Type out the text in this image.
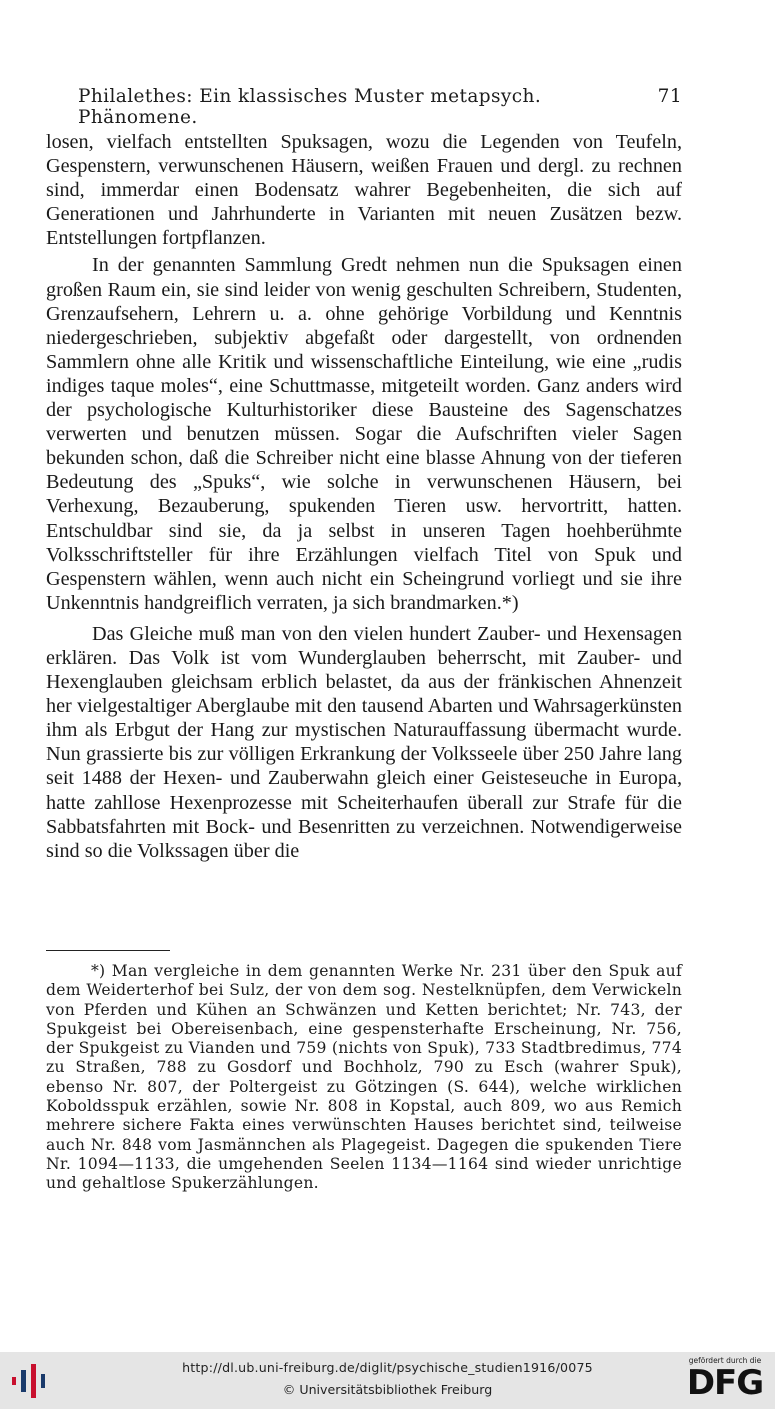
Philalethes: Ein klassisches Muster metapsych. Phänomene.
71

losen, vielfach entstellten Spuksagen, wozu die Legenden von Teufeln, Gespenstern, verwunschenen Häusern, weißen Frauen und dergl. zu rechnen sind, immerdar einen Bodensatz wahrer Begebenheiten, die sich auf Generationen und Jahrhunderte in Varianten mit neuen Zusätzen bezw. Entstellungen fortpflanzen.

In der genannten Sammlung Gredt nehmen nun die Spuksagen einen großen Raum ein, sie sind leider von wenig geschulten Schreibern, Studenten, Grenzaufsehern, Lehrern u. a. ohne gehörige Vorbildung und Kenntnis niedergeschrieben, subjektiv abgefaßt oder dargestellt, von ordnenden Sammlern ohne alle Kritik und wissenschaftliche Einteilung, wie eine „rudis indiges taque moles“, eine Schuttmasse, mitgeteilt worden. Ganz anders wird der psychologische Kulturhistoriker diese Bausteine des Sagenschatzes verwerten und benutzen müssen. Sogar die Aufschriften vieler Sagen bekunden schon, daß die Schreiber nicht eine blasse Ahnung von der tieferen Bedeutung des „Spuks“, wie solche in verwunschenen Häusern, bei Verhexung, Bezauberung, spukenden Tieren usw. hervortritt, hatten. Entschuldbar sind sie, da ja selbst in unseren Tagen hoehberühmte Volksschriftsteller für ihre Erzählungen vielfach Titel von Spuk und Gespenstern wählen, wenn auch nicht ein Scheingrund vorliegt und sie ihre Unkenntnis handgreiflich verraten, ja sich brandmarken.*)

Das Gleiche muß man von den vielen hundert Zauber- und Hexensagen erklären. Das Volk ist vom Wunderglauben beherrscht, mit Zauber- und Hexenglauben gleichsam erblich belastet, da aus der fränkischen Ahnenzeit her vielgestaltiger Aberglaube mit den tausend Abarten und Wahrsagerkünsten ihm als Erbgut der Hang zur mystischen Naturauffassung übermacht wurde. Nun grassierte bis zur völligen Erkrankung der Volksseele über 250 Jahre lang seit 1488 der Hexen- und Zauberwahn gleich einer Geisteseuche in Europa, hatte zahllose Hexenprozesse mit Scheiterhaufen überall zur Strafe für die Sabbatsfahrten mit Bock- und Besenritten zu verzeichnen. Notwendigerweise sind so die Volkssagen über die

*) Man vergleiche in dem genannten Werke Nr. 231 über den Spuk auf dem Weiderterhof bei Sulz, der von dem sog. Nestelknüpfen, dem Verwickeln von Pferden und Kühen an Schwänzen und Ketten berichtet; Nr. 743, der Spukgeist bei Obereisenbach, eine gespensterhafte Erscheinung, Nr. 756, der Spukgeist zu Vianden und 759 (nichts von Spuk), 733 Stadtbredimus, 774 zu Straßen, 788 zu Gosdorf und Bochholz, 790 zu Esch (wahrer Spuk), ebenso Nr. 807, der Poltergeist zu Götzingen (S. 644), welche wirklichen Koboldsspuk erzählen, sowie Nr. 808 in Kopstal, auch 809, wo aus Remich mehrere sichere Fakta eines verwünschten Hauses berichtet sind, teilweise auch Nr. 848 vom Jasmännchen als Plagegeist. Dagegen die spukenden Tiere Nr. 1094—1133, die umgehenden Seelen 1134—1164 sind wieder unrichtige und gehaltlose Spukerzählungen.

http://dl.ub.uni-freiburg.de/diglit/psychische_studien1916/0075
© Universitätsbibliothek Freiburg
gefördert durch die
DFG
